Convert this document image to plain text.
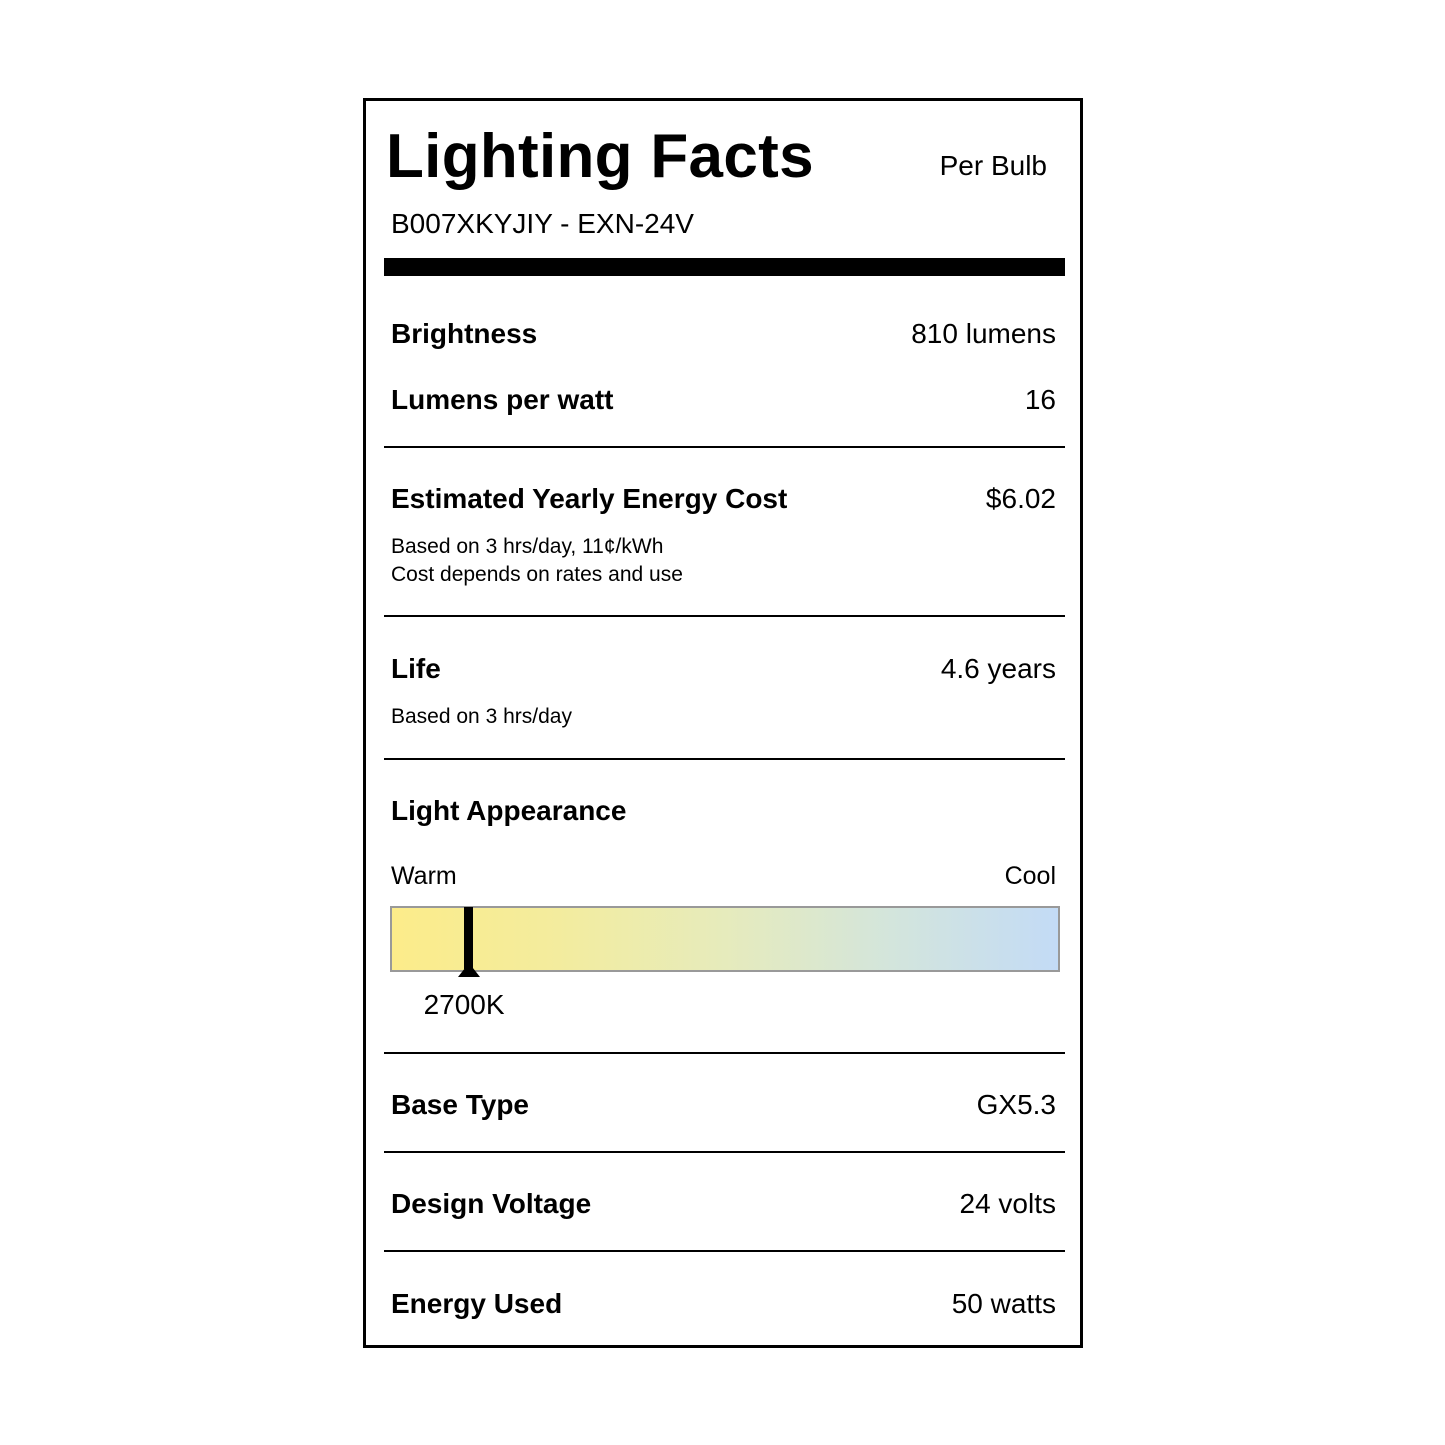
Lighting Facts	Per Bulb
B007XKYJIY - EXN-24V
Brightness	810 lumens
Lumens per watt	16
Estimated Yearly Energy Cost	$6.02
Based on 3 hrs/day, 11¢/kWh
Cost depends on rates and use
Life	4.6 years
Based on 3 hrs/day
Light Appearance
Warm	Cool
2700K
Base Type	GX5.3
Design Voltage	24 volts
Energy Used	50 watts
